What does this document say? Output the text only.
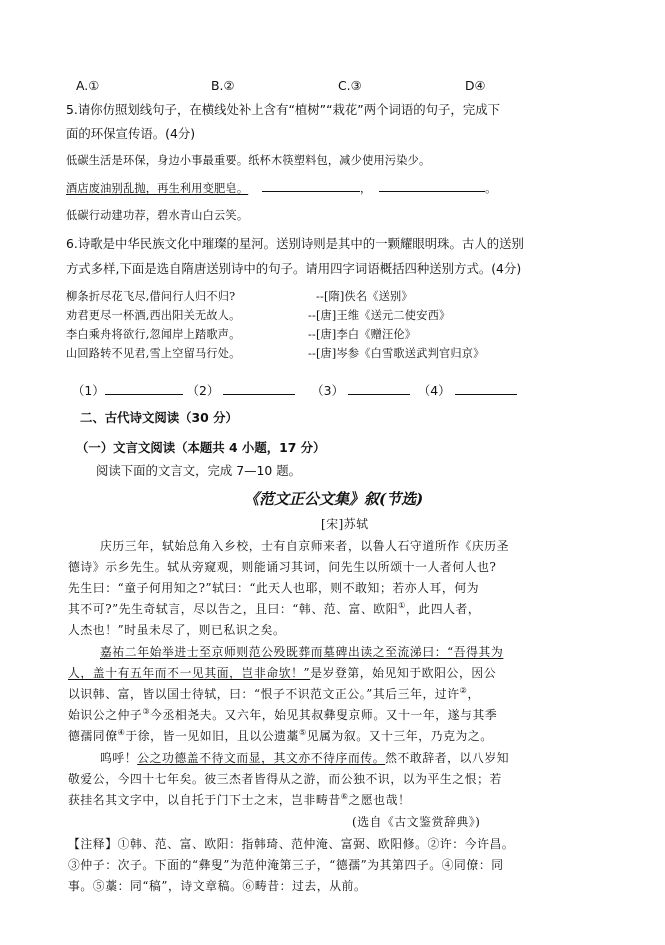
A.①	B.②	C.③	D④
5.请你仿照划线句子，在横线处补上含有“植树”“栽花”两个词语的句子，完成下
面的环保宣传语。(4分)
低碳生活是环保，身边小事最重要。纸杯木筷塑料包，减少使用污染少。
酒店废油别乱抛，再生利用变肥皂。	，	。
低碳行动建功荐，碧水青山白云笑。
6.诗歌是中华民族文化中璀璨的星河。送别诗则是其中的一颗耀眼明珠。古人的送别
方式多样,下面是选自隋唐送别诗中的句子。请用四字词语概括四种送别方式。(4分)
柳条折尽花飞尽,借问行人归不归?	--[隋]佚名《送别》
劝君更尽一杯酒,西出阳关无故人。	--[唐]王维《送元二使安西》
李白乘舟将欲行,忽闻岸上踏歌声。	--[唐]李白《赠汪伦》
山回路转不见君,雪上空留马行处。	--[唐]岑参《白雪歌送武判官归京》
（1）	（2）	（3）	（4）
二、古代诗文阅读（30 分）
（一）文言文阅读（本题共 4 小题，17 分）
阅读下面的文言文，完成 7—10 题。
《范文正公文集》叙(节选)
[宋]苏轼
庆历三年，轼始总角入乡校，士有自京师来者，以鲁人石守道所作《庆历圣
德诗》示乡先生。轼从旁窥观，则能诵习其词，问先生以所颂十一人者何人也?
先生曰：“童子何用知之?”轼曰：“此天人也耶，则不敢知；若亦人耳，何为
其不可?”先生奇轼言，尽以告之，且曰：“韩、范、富、欧阳①，此四人者，
人杰也！”时虽未尽了，则已私识之矣。
嘉祐二年始举进士至京师则范公殁既葬而墓碑出读之至流涕曰：“吾得其为
人，盖十有五年而不一见其面，岂非命欤！”是岁登第，始见知于欧阳公，因公
以识韩、富，皆以国士待轼，曰：“恨子不识范文正公。”其后三年，过许②，
始识公之仲子③今丞相尧夫。又六年，始见其叔彝叟京师。又十一年，遂与其季
德孺同僚④于徐，皆一见如旧，且以公遗藁⑤见属为叙。又十三年，乃克为之。
呜呼！公之功德盖不待文而显，其文亦不待序而传。然不敢辞者，以八岁知
敬爱公，今四十七年矣。彼三杰者皆得从之游，而公独不识，以为平生之恨；若
获挂名其文字中，以自托于门下士之末，岂非畴昔⑥之愿也哉！
(选自《古文鉴赏辞典》)
【注释】①韩、范、富、欧阳：指韩琦、范仲淹、富弼、欧阳修。②许：今许昌。
③仲子：次子。下面的“彝叟”为范仲淹第三子，“德孺”为其第四子。④同僚：同
事。⑤藁：同“稿”，诗文章稿。⑥畴昔：过去，从前。
